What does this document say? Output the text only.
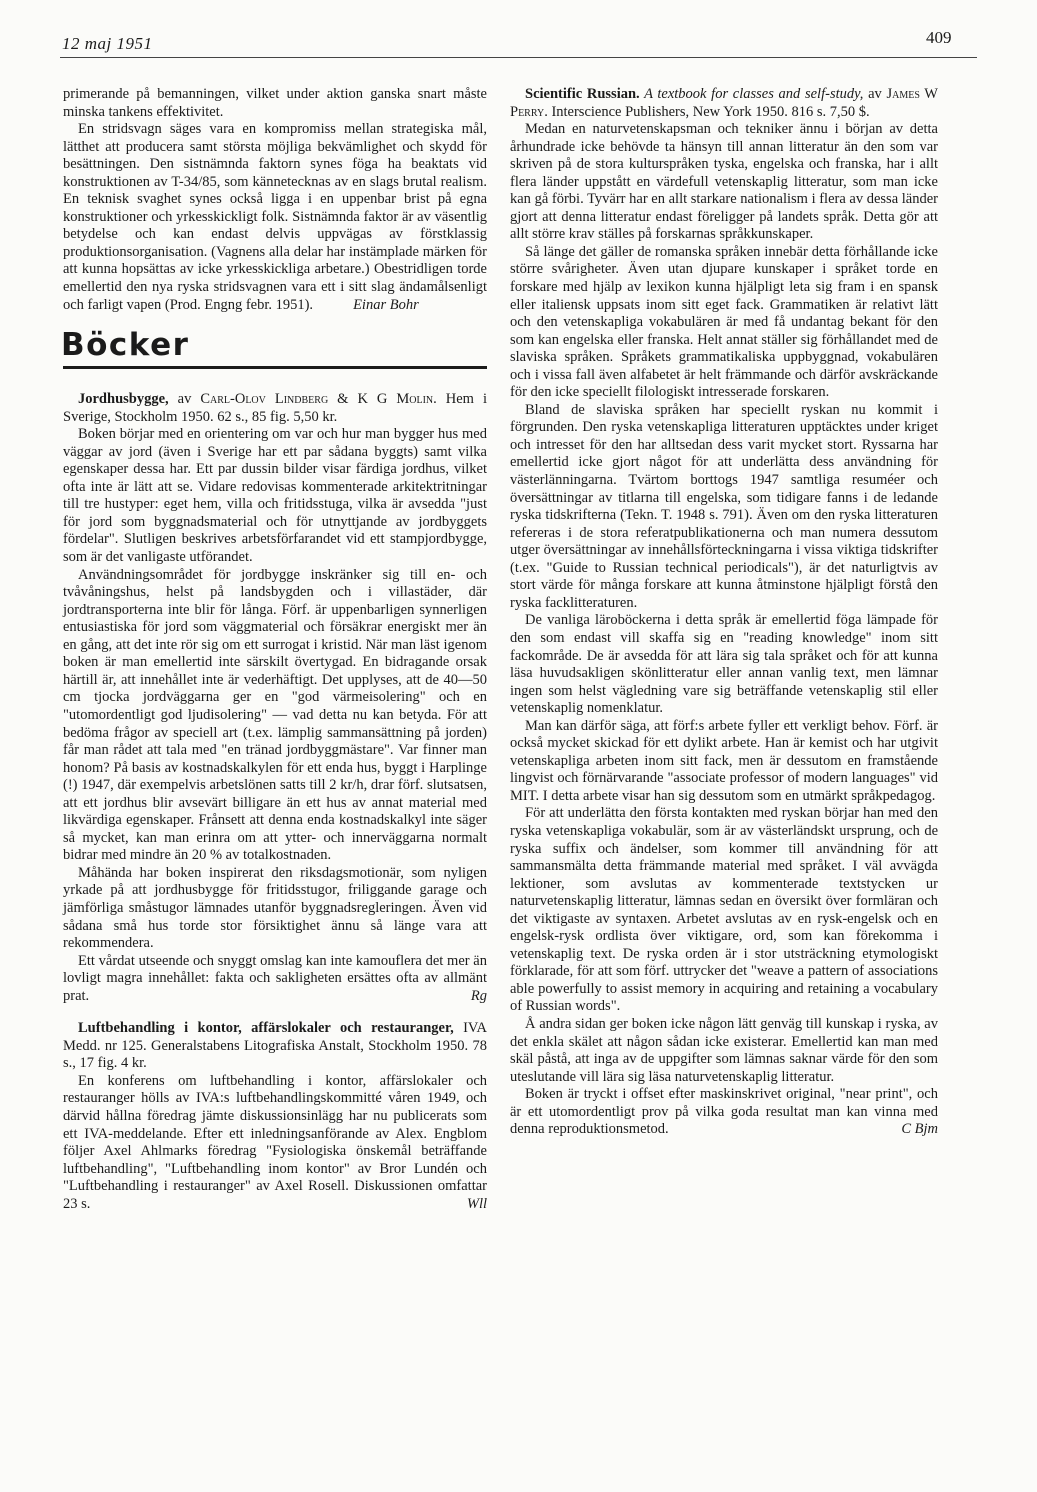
12 maj 1951	409

primerande på bemanningen, vilket under aktion ganska snart måste minska tankens effektivitet.

En stridsvagn säges vara en kompromiss mellan strategiska mål, lätthet att producera samt största möjliga bekvämlighet och skydd för besättningen. Den sistnämnda faktorn synes föga ha beaktats vid konstruktionen av T-34/85, som kännetecknas av en slags brutal realism. En teknisk svaghet synes också ligga i en uppenbar brist på egna konstruktioner och yrkesskickligt folk. Sistnämnda faktor är av väsentlig betydelse och kan endast delvis uppvägas av förstklassig produktionsorganisation. (Vagnens alla delar har instämplade märken för att kunna hopsättas av icke yrkesskickliga arbetare.) Obestridligen torde emellertid den nya ryska stridsvagnen vara ett i sitt slag ändamålsenligt och farligt vapen (Prod. Engng febr. 1951).	Einar Bohr

Böcker

Jordhusbygge, av Carl-Olov Lindberg & K G Molin. Hem i Sverige, Stockholm 1950. 62 s., 85 fig. 5,50 kr.

Boken börjar med en orientering om var och hur man bygger hus med väggar av jord (även i Sverige har ett par sådana byggts) samt vilka egenskaper dessa har. Ett par dussin bilder visar färdiga jordhus, vilket ofta inte är lätt att se. Vidare redovisas kommenterade arkitektritningar till tre hustyper: eget hem, villa och fritidsstuga, vilka är avsedda "just för jord som byggnadsmaterial och för utnyttjande av jordbyggets fördelar". Slutligen beskrives arbetsförfarandet vid ett stampjordbygge, som är det vanligaste utförandet.

Användningsområdet för jordbygge inskränker sig till en- och tvåvåningshus, helst på landsbygden och i villastäder, där jordtransporterna inte blir för långa. Förf. är uppenbarligen synnerligen entusiastiska för jord som väggmaterial och försäkrar energiskt mer än en gång, att det inte rör sig om ett surrogat i kristid. När man läst igenom boken är man emellertid inte särskilt övertygad. En bidragande orsak härtill är, att innehållet inte är vederhäftigt. Det upplyses, att de 40—50 cm tjocka jordväggarna ger en "god värmeisolering" och en "utomordentligt god ljudisolering" — vad detta nu kan betyda. För att bedöma frågor av speciell art (t.ex. lämplig sammansättning på jorden) får man rådet att tala med "en tränad jordbyggmästare". Var finner man honom? På basis av kostnadskalkylen för ett enda hus, byggt i Harplinge (!) 1947, där exempelvis arbetslönen satts till 2 kr/h, drar förf. slutsatsen, att ett jordhus blir avsevärt billigare än ett hus av annat material med likvärdiga egenskaper. Frånsett att denna enda kostnadskalkyl inte säger så mycket, kan man erinra om att ytter- och innerväggarna normalt bidrar med mindre än 20 % av totalkostnaden.

Måhända har boken inspirerat den riksdagsmotionär, som nyligen yrkade på att jordhusbygge för fritidsstugor, friliggande garage och jämförliga småstugor lämnades utanför byggnadsregleringen. Även vid sådana små hus torde stor försiktighet ännu så länge vara att rekommendera.

Ett vårdat utseende och snyggt omslag kan inte kamouflera det mer än lovligt magra innehållet: fakta och sakligheten ersättes ofta av allmänt prat.	Rg

Luftbehandling i kontor, affärslokaler och restauranger, IVA Medd. nr 125. Generalstabens Litografiska Anstalt, Stockholm 1950. 78 s., 17 fig. 4 kr.

En konferens om luftbehandling i kontor, affärslokaler och restauranger hölls av IVA:s luftbehandlingskommitté våren 1949, och därvid hållna föredrag jämte diskussionsinlägg har nu publicerats som ett IVA-meddelande. Efter ett inledningsanförande av Alex. Engblom följer Axel Ahlmarks föredrag "Fysiologiska önskemål beträffande luftbehandling", "Luftbehandling inom kontor" av Bror Lundén och "Luftbehandling i restauranger" av Axel Rosell. Diskussionen omfattar 23 s.	Wll

Scientific Russian. A textbook for classes and self-study, av James W Perry. Interscience Publishers, New York 1950. 816 s. 7,50 $.

Medan en naturvetenskapsman och tekniker ännu i början av detta århundrade icke behövde ta hänsyn till annan litteratur än den som var skriven på de stora kulturspråken tyska, engelska och franska, har i allt flera länder uppstått en värdefull vetenskaplig litteratur, som man icke kan gå förbi. Tyvärr har en allt starkare nationalism i flera av dessa länder gjort att denna litteratur endast föreligger på landets språk. Detta gör att allt större krav ställes på forskarnas språkkunskaper.

Så länge det gäller de romanska språken innebär detta förhållande icke större svårigheter. Även utan djupare kunskaper i språket torde en forskare med hjälp av lexikon kunna hjälpligt leta sig fram i en spansk eller italiensk uppsats inom sitt eget fack. Grammatiken är relativt lätt och den vetenskapliga vokabulären är med få undantag bekant för den som kan engelska eller franska. Helt annat ställer sig förhållandet med de slaviska språken. Språkets grammatikaliska uppbyggnad, vokabulären och i vissa fall även alfabetet är helt främmande och därför avskräckande för den icke speciellt filologiskt intresserade forskaren.

Bland de slaviska språken har speciellt ryskan nu kommit i förgrunden. Den ryska vetenskapliga litteraturen upptäcktes under kriget och intresset för den har alltsedan dess varit mycket stort. Ryssarna har emellertid icke gjort något för att underlätta dess användning för västerlänningarna. Tvärtom borttogs 1947 samtliga resuméer och översättningar av titlarna till engelska, som tidigare fanns i de ledande ryska tidskrifterna (Tekn. T. 1948 s. 791). Även om den ryska litteraturen refereras i de stora referatpublikationerna och man numera dessutom utger översättningar av innehållsförteckningarna i vissa viktiga tidskrifter (t.ex. "Guide to Russian technical periodicals"), är det naturligtvis av stort värde för många forskare att kunna åtminstone hjälpligt förstå den ryska facklitteraturen.

De vanliga läroböckerna i detta språk är emellertid föga lämpade för den som endast vill skaffa sig en "reading knowledge" inom sitt fackområde. De är avsedda för att lära sig tala språket och för att kunna läsa huvudsakligen skönlitteratur eller annan vanlig text, men lämnar ingen som helst vägledning vare sig beträffande vetenskaplig stil eller vetenskaplig nomenklatur.

Man kan därför säga, att förf:s arbete fyller ett verkligt behov. Förf. är också mycket skickad för ett dylikt arbete. Han är kemist och har utgivit vetenskapliga arbeten inom sitt fack, men är dessutom en framstående lingvist och förnärvarande "associate professor of modern languages" vid MIT. I detta arbete visar han sig dessutom som en utmärkt språkpedagog.

För att underlätta den första kontakten med ryskan börjar han med den ryska vetenskapliga vokabulär, som är av västerländskt ursprung, och de ryska suffix och ändelser, som kommer till användning för att sammansmälta detta främmande material med språket. I väl avvägda lektioner, som avslutas av kommenterade textstycken ur naturvetenskaplig litteratur, lämnas sedan en översikt över formläran och det viktigaste av syntaxen. Arbetet avslutas av en rysk-engelsk och en engelsk-rysk ordlista över viktigare, ord, som kan förekomma i vetenskaplig text. De ryska orden är i stor utsträckning etymologiskt förklarade, för att som förf. uttrycker det "weave a pattern of associations able powerfully to assist memory in acquiring and retaining a vocabulary of Russian words".

Å andra sidan ger boken icke någon lätt genväg till kunskap i ryska, av det enkla skälet att någon sådan icke existerar. Emellertid kan man med skäl påstå, att inga av de uppgifter som lämnas saknar värde för den som uteslutande vill lära sig läsa naturvetenskaplig litteratur.

Boken är tryckt i offset efter maskinskrivet original, "near print", och är ett utomordentligt prov på vilka goda resultat man kan vinna med denna reproduktionsmetod.	C Bjm
